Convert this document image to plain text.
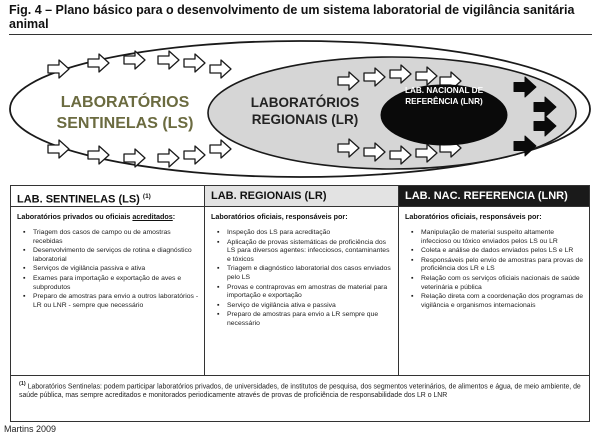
Fig. 4 – Plano básico para o desenvolvimento de um sistema laboratorial de vigilância sanitária animal
LABORATÓRIOS SENTINELAS (LS)
LABORATÓRIOS REGIONAIS (LR)
LAB. NACIONAL DE REFERÊNCIA (LNR)
LAB. SENTINELAS (LS) $^{(1)}$
Laboratórios privados ou oficiais acreditados:
▪ Triagem dos casos de campo ou de amostras recebidas
▪ Desenvolvimento de serviços de rotina e diagnóstico laboratorial
▪ Serviços de vigilância passiva e ativa
▪ Exames para importação e exportação de aves e subprodutos
▪ Preparo de amostras para envio a outros laboratórios - LR ou LNR - sempre que necessário
LAB. REGIONAIS (LR)
Laboratórios oficiais, responsáveis por:
▪ Inspeção dos LS para acreditação
▪ Aplicação de provas sistemáticas de proficiência dos LS para diversos agentes: infecciosos, contaminantes e tóxicos
▪ Triagem e diagnóstico laboratorial dos casos enviados pelo LS
▪ Provas e contraprovas em amostras de material para importação e exportação
▪ Serviço de vigilância ativa e passiva
▪ Preparo de amostras para envio a LR sempre que necessário
LAB. NAC. REFERENCIA (LNR)
Laboratórios oficiais, responsáveis por:
▪ Manipulação de material suspeito altamente infeccioso ou tóxico enviados pelos LS ou LR
▪ Coleta e análise de dados enviados pelos LS e LR
▪ Responsáveis pelo envio de amostras para provas de proficiência dos LR e LS
▪ Relação com os serviços oficiais nacionais de saúde veterinária e pública
▪ Relação direta com a coordenação dos programas de vigilância e organismos internacionais
$^{(1)}$ Laboratórios Sentinelas: podem participar laboratórios privados, de universidades, de institutos de pesquisa, dos segmentos veterinários, de alimentos e água, de meio ambiente, de saúde pública, mas sempre acreditados e monitorados periodicamente através de provas de proficiência de responsabilidade dos LR o LNR
Martins 2009
